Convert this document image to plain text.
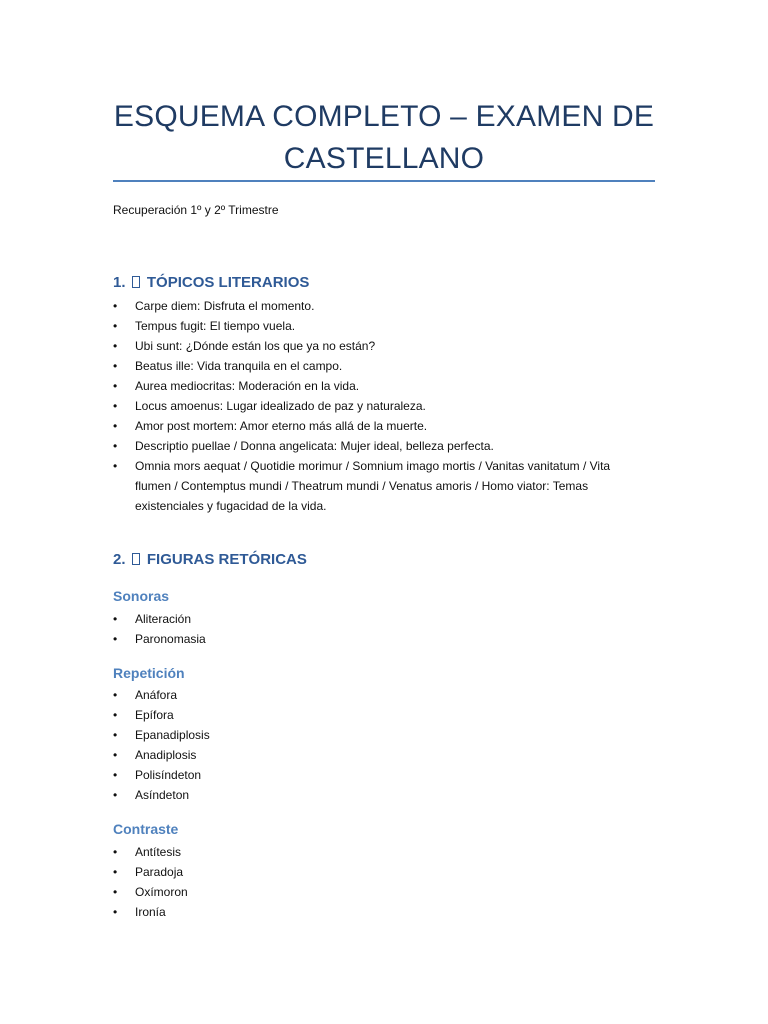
ESQUEMA COMPLETO – EXAMEN DE
CASTELLANO
Recuperación 1º y 2º Trimestre
1. TÓPICOS LITERARIOS
• Carpe diem: Disfruta el momento.
• Tempus fugit: El tiempo vuela.
• Ubi sunt: ¿Dónde están los que ya no están?
• Beatus ille: Vida tranquila en el campo.
• Aurea mediocritas: Moderación en la vida.
• Locus amoenus: Lugar idealizado de paz y naturaleza.
• Amor post mortem: Amor eterno más allá de la muerte.
• Descriptio puellae / Donna angelicata: Mujer ideal, belleza perfecta.
• Omnia mors aequat / Quotidie morimur / Somnium imago mortis / Vanitas vanitatum / Vita flumen / Contemptus mundi / Theatrum mundi / Venatus amoris / Homo viator: Temas existenciales y fugacidad de la vida.
2. FIGURAS RETÓRICAS
Sonoras
• Aliteración
• Paronomasia
Repetición
• Anáfora
• Epífora
• Epanadiplosis
• Anadiplosis
• Polisíndeton
• Asíndeton
Contraste
• Antítesis
• Paradoja
• Oxímoron
• Ironía
